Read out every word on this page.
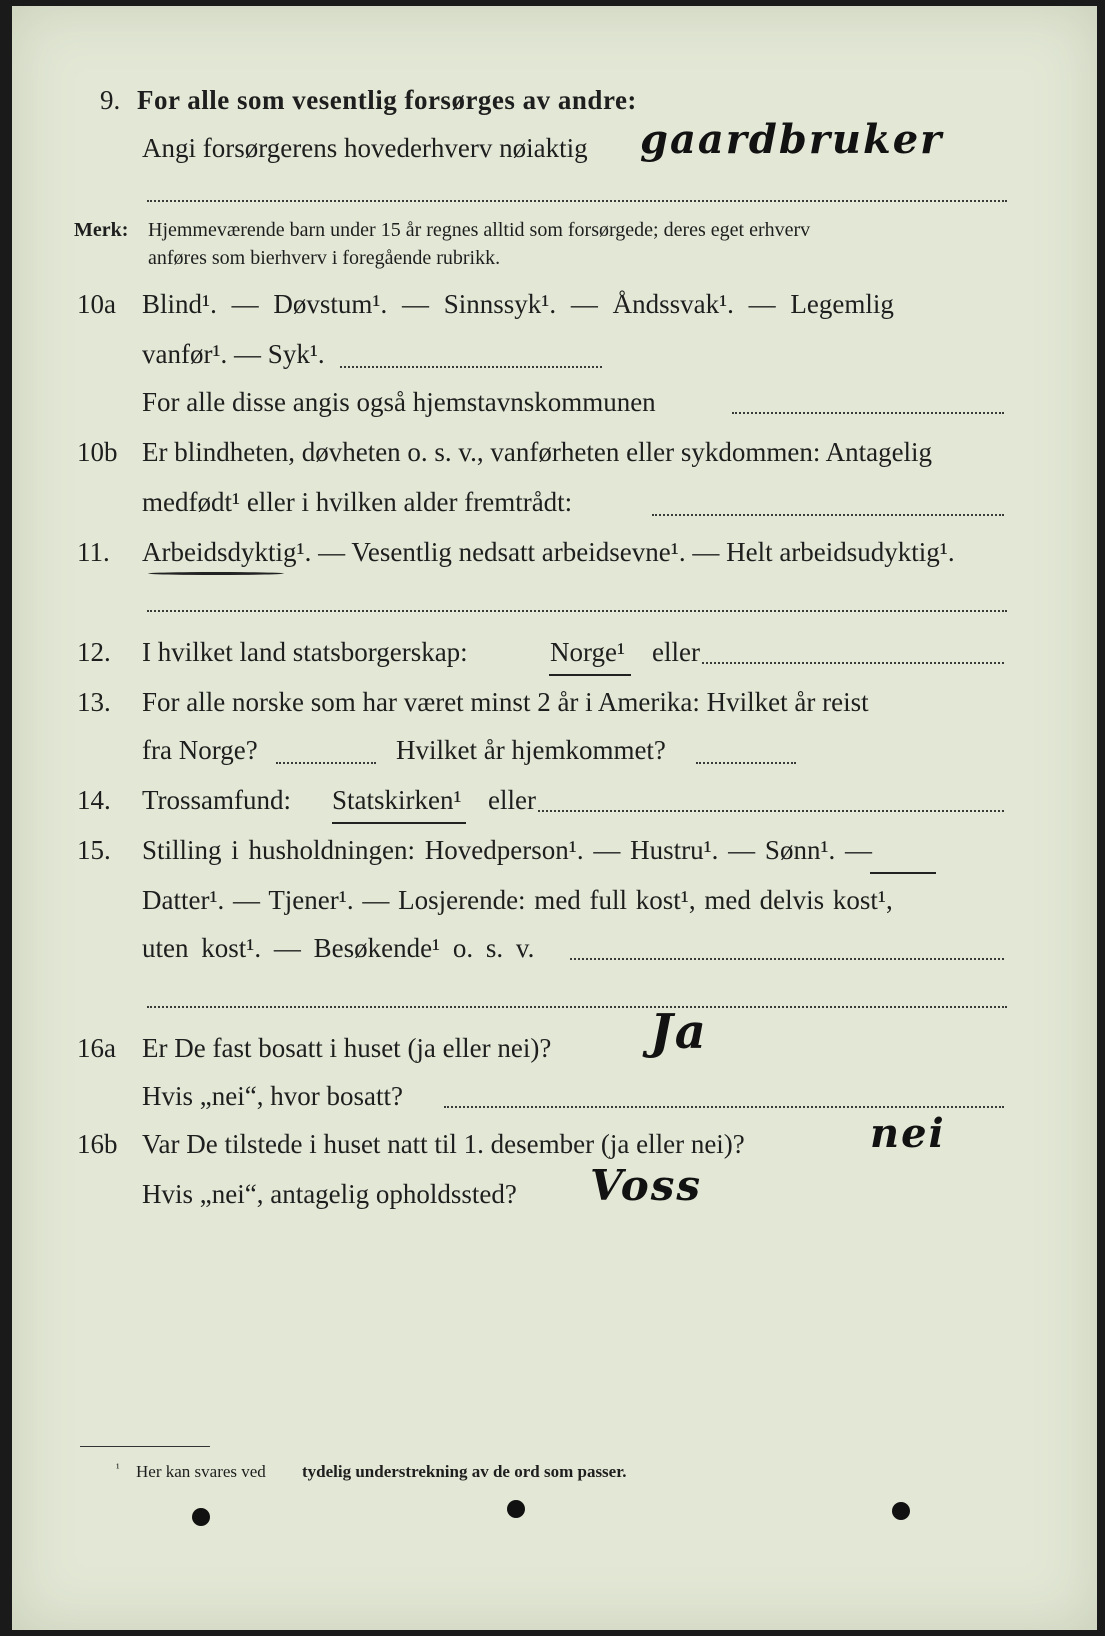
9. For alle som vesentlig forsørges av andre:
Angi forsørgerens hovederhverv nøiaktig gaardbruker
Merk: Hjemmeværende barn under 15 år regnes alltid som forsørgede; deres eget erhverv
anføres som bierhverv i foregående rubrikk.
10a Blind¹. — Døvstum¹. — Sinnssyk¹. — Åndssvak¹. — Legemlig
vanfør¹. — Syk¹.
For alle disse angis også hjemstavnskommunen
10b Er blindheten, døvheten o. s. v., vanførheten eller sykdommen: Antagelig
medfødt¹ eller i hvilken alder fremtrådt:
11. Arbeidsdyktig¹. — Vesentlig nedsatt arbeidsevne¹. — Helt arbeidsudyktig¹.
12. I hvilket land statsborgerskap:	Norge¹ eller
13. For alle norske som har været minst 2 år i Amerika: Hvilket år reist
fra Norge?	Hvilket år hjemkommet?
14. Trossamfund: Statskirken¹ eller
15. Stilling i husholdningen: Hovedperson¹. — Hustru¹. — Sønn¹. —
Datter¹. — Tjener¹. — Losjerende: med full kost¹, med delvis kost¹,
uten kost¹. — Besøkende¹ o. s. v.
16a Er De fast bosatt i huset (ja eller nei)? Ja
Hvis „nei“, hvor bosatt?
16b Var De tilstede i huset natt til 1. desember (ja eller nei)?	nei
Hvis „nei“, antagelig opholdssted? Voss
¹ Her kan svares ved tydelig understrekning av de ord som passer.
